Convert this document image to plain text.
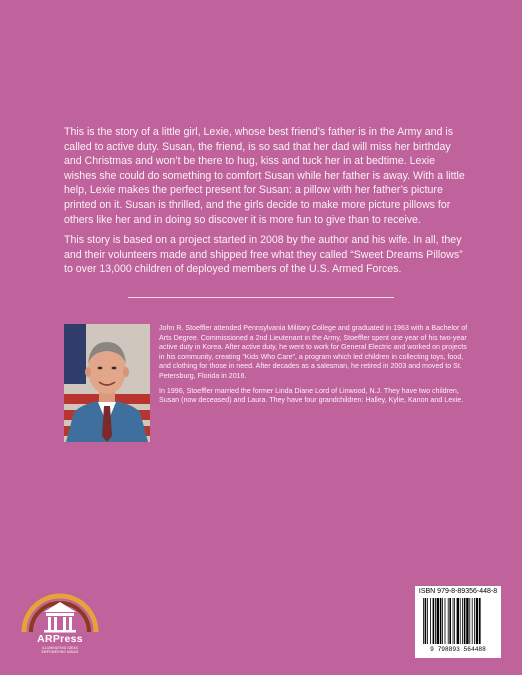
This is the story of a little girl, Lexie, whose best friend’s father is in the Army and is called to active duty. Susan, the friend, is so sad that her dad will miss her birthday and Christmas and won’t be there to hug, kiss and tuck her in at bedtime. Lexie wishes she could do something to comfort Susan while her father is away. With a little help, Lexie makes the perfect present for Susan: a pillow with her father’s picture printed on it. Susan is thrilled, and the girls decide to make more picture pillows for others like her and in doing so discover it is more fun to give than to receive.

This story is based on a project started in 2008 by the author and his wife. In all, they and their volunteers made and shipped free what they called “Sweet Dreams Pillows” to over 13,000 children of deployed members of the U.S. Armed Forces.

John R. Stoeffler attended Pennsylvania Military College and graduated in 1963 with a Bachelor of Arts Degree. Commissioned a 2nd Lieutenant in the Army, Stoeffler spent one year of his two-year active duty in Korea. After active duty, he went to work for General Electric and worked on projects in his community, creating “Kids Who Care”, a program which led children in collecting toys, food, and clothing for those in need. After decades as a salesman, he retired in 2003 and moved to St. Petersburg, Florida in 2016.

In 1996, Stoeffler married the former Linda Diane Lord of Linwood, N.J. They have two children, Susan (now deceased) and Laura. They have four grandchildren: Halley, Kylie, Kanon and Lexie.

ARPress
ILLUMINATING IDEAS
EMPOWERING MINDS
ISBN 979-8-89356-448-8
9 798893 564488
